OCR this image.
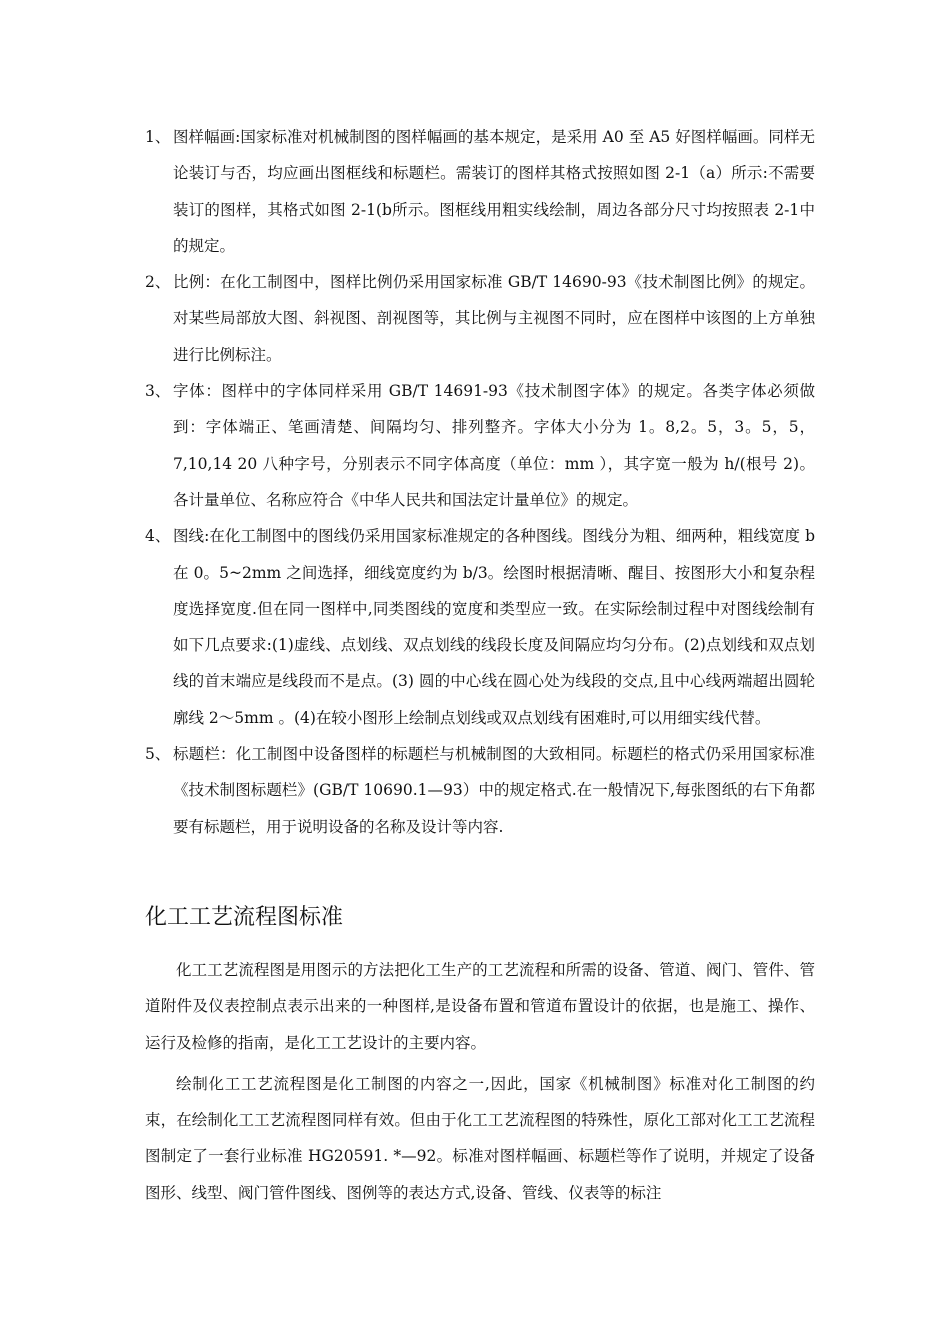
1、 图样幅画:国家标准对机械制图的图样幅画的基本规定，是采用 A0 至 A5 好图样幅画。同样无论装订与否，均应画出图框线和标题栏。需装订的图样其格式按照如图 2-1（a）所示:不需要装订的图样，其格式如图 2-1(b所示。图框线用粗实线绘制，周边各部分尺寸均按照表 2-1中的规定。
2、 比例：在化工制图中，图样比例仍采用国家标准 GB/T 14690-93《技术制图比例》的规定。对某些局部放大图、斜视图、剖视图等，其比例与主视图不同时，应在图样中该图的上方单独进行比例标注。
3、 字体：图样中的字体同样采用 GB/T 14691-93《技术制图字体》的规定。各类字体必须做到：字体端正、笔画清楚、间隔均匀、排列整齐。字体大小分为 1。8,2。5，3。5，5，7,10,14 20 八种字号，分别表示不同字体高度（单位：mm ），其字宽一般为 h/(根号 2)。各计量单位、名称应符合《中华人民共和国法定计量单位》的规定。
4、 图线:在化工制图中的图线仍采用国家标准规定的各种图线。图线分为粗、细两种，粗线宽度 b 在 0。5~2mm 之间选择，细线宽度约为 b/3。绘图时根据清晰、醒目、按图形大小和复杂程度选择宽度.但在同一图样中,同类图线的宽度和类型应一致。在实际绘制过程中对图线绘制有如下几点要求:(1)虚线、点划线、双点划线的线段长度及间隔应均匀分布。(2)点划线和双点划线的首末端应是线段而不是点。(3) 圆的中心线在圆心处为线段的交点,且中心线两端超出圆轮廓线 2～5mm 。(4)在较小图形上绘制点划线或双点划线有困难时,可以用细实线代替。
5、 标题栏：化工制图中设备图样的标题栏与机械制图的大致相同。标题栏的格式仍采用国家标准《技术制图标题栏》(GB/T 10690.1—93）中的规定格式.在一般情况下,每张图纸的右下角都要有标题栏，用于说明设备的名称及设计等内容.
化工工艺流程图标准

化工工艺流程图是用图示的方法把化工生产的工艺流程和所需的设备、管道、阀门、管件、管道附件及仪表控制点表示出来的一种图样,是设备布置和管道布置设计的依据，也是施工、操作、运行及检修的指南，是化工工艺设计的主要内容。

绘制化工工艺流程图是化工制图的内容之一,因此，国家《机械制图》标准对化工制图的约束，在绘制化工工艺流程图同样有效。但由于化工工艺流程图的特殊性，原化工部对化工工艺流程图制定了一套行业标准 HG20591. *—92。标准对图样幅画、标题栏等作了说明，并规定了设备图形、线型、阀门管件图线、图例等的表达方式,设备、管线、仪表等的标注
